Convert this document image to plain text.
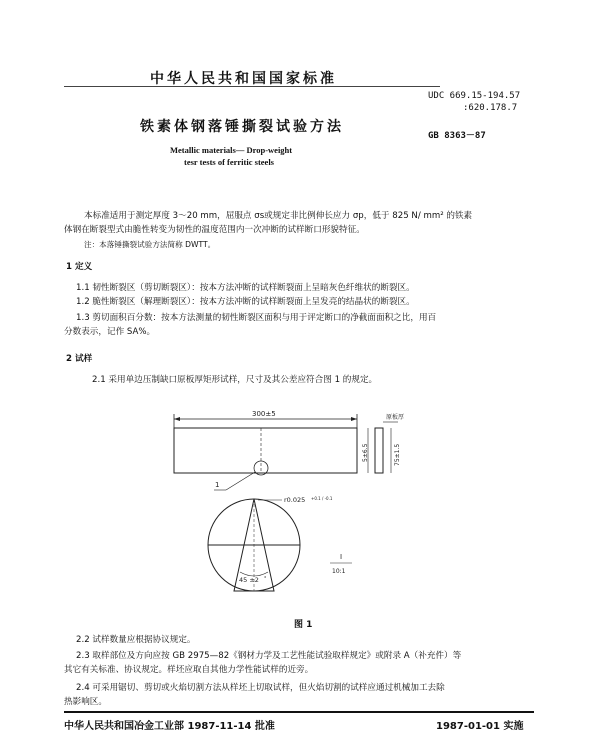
中华人民共和国国家标准
UDC 669.15-194.57
:620.178.7
铁素体钢落锤撕裂试验方法
GB 8363－87
Metallic materials— Drop-weight
tesr tests of ferritic steels
本标准适用于测定厚度 3～20 mm，屈服点 σs或规定非比例伸长应力 σp，低于 825 N/ mm² 的铁素
体钢在断裂型式由脆性转变为韧性的温度范围内一次冲断的试样断口形貌特征。
注：本落锤撕裂试验方法简称 DWTT。
1 定义
1.1 韧性断裂区（剪切断裂区）：按本方法冲断的试样断裂面上呈暗灰色纤维状的断裂区。
1.2 脆性断裂区（解理断裂区）：按本方法冲断的试样断裂面上呈发亮的结晶状的断裂区。
1.3 剪切面积百分数：按本方法测量的韧性断裂区面积与用于评定断口的净截面面积之比，用百
分数表示，记作 SA%。
2 试样
2.1 采用单边压制缺口原板厚矩形试样，尺寸及其公差应符合图 1 的规定。
300±5	原板厚
5±6.5	75±1.5
1
r0.025 +0.1 / -0.1
45 ±2 °
I
10:1
图 1
2.2 试样数量应根据协议规定。
2.3 取样部位及方向应按 GB 2975—82《钢材力学及工艺性能试验取样规定》或附录 A（补充件）等
其它有关标准、协议规定。样坯应取自其他力学性能试样的近旁。
2.4 可采用锯切、剪切或火焰切割方法从样坯上切取试样，但火焰切割的试样应通过机械加工去除
热影响区。
中华人民共和国冶金工业部 1987-11-14 批准	1987-01-01 实施
